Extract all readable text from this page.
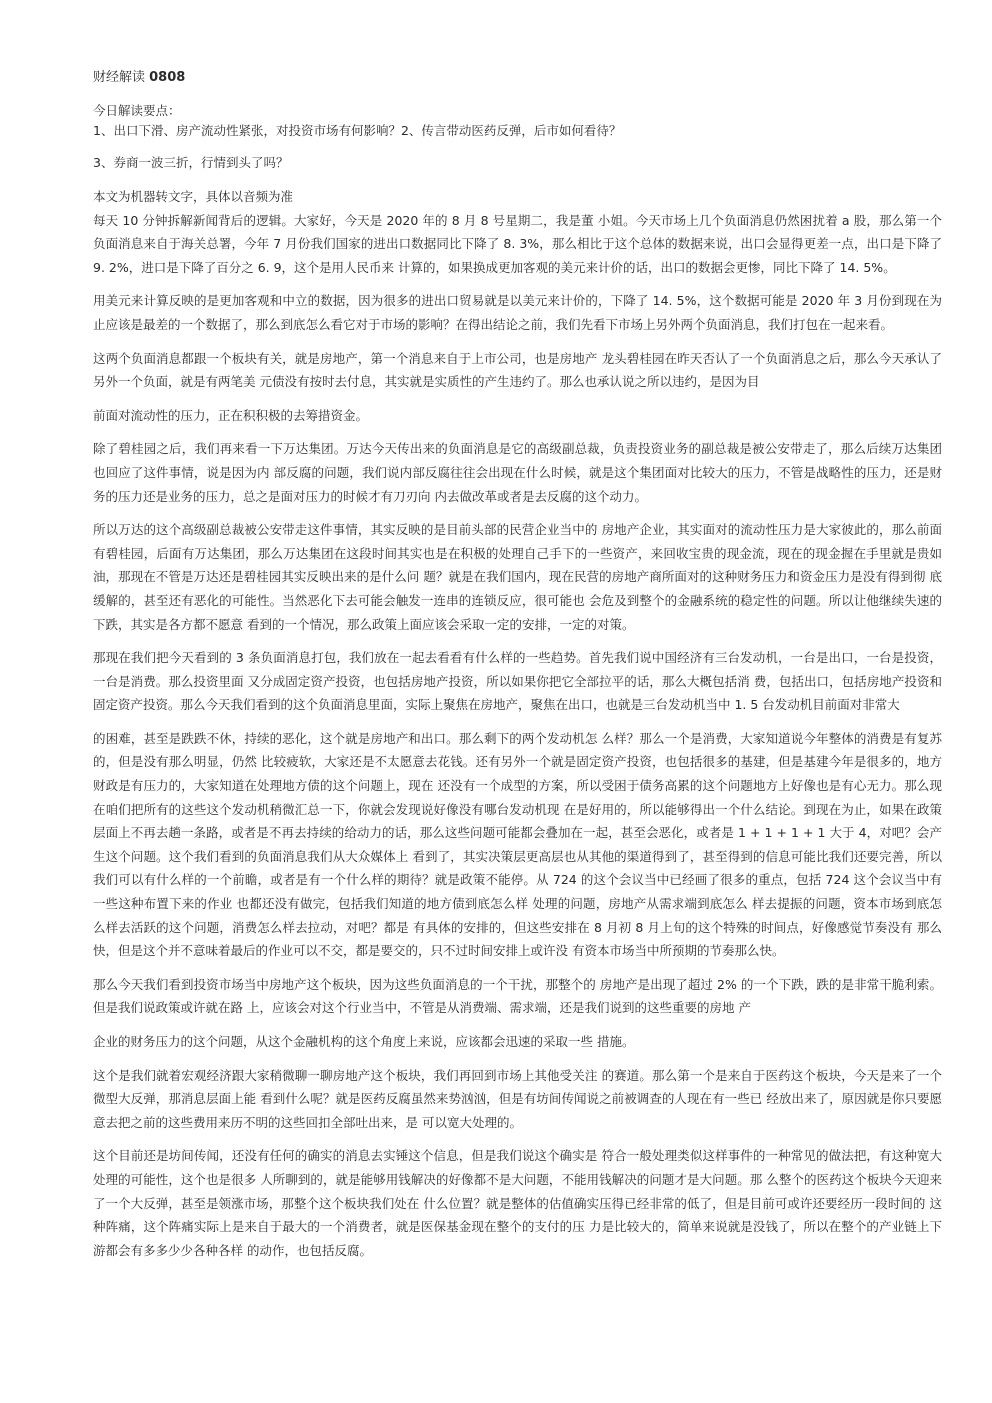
财经解读 0808
今日解读要点：
1、出口下滑、房产流动性紧张，对投资市场有何影响？2、传言带动医药反弹，后市如何看待？
3、券商一波三折，行情到头了吗？
本文为机器转文字，具体以音频为准
每天 10 分钟拆解新闻背后的逻辑。大家好，今天是 2020 年的 8 月 8 号星期二，我是董 小姐。今天市场上几个负面消息仍然困扰着 a 股，那么第一个负面消息来自于海关总署，今年 7 月份我们国家的进出口数据同比下降了 8. 3%，那么相比于这个总体的数据来说，出口会显得更差一点，出口是下降了 9. 2%，进口是下降了百分之 6. 9，这个是用人民币来 计算的，如果换成更加客观的美元来计价的话，出口的数据会更惨，同比下降了 14. 5%。
用美元来计算反映的是更加客观和中立的数据，因为很多的进出口贸易就是以美元来计价的，下降了 14. 5%，这个数据可能是 2020 年 3 月份到现在为止应该是最差的一个数据了，那么到底怎么看它对于市场的影响？在得出结论之前，我们先看下市场上另外两个负面消息，我们打包在一起来看。
这两个负面消息都跟一个板块有关，就是房地产，第一个消息来自于上市公司，也是房地产 龙头碧桂园在昨天否认了一个负面消息之后，那么今天承认了另外一个负面，就是有两笔美 元债没有按时去付息，其实就是实质性的产生违约了。那么也承认说之所以违约，是因为目
前面对流动性的压力，正在积积极的去筹措资金。
除了碧桂园之后，我们再来看一下万达集团。万达今天传出来的负面消息是它的高级副总裁，负责投资业务的副总裁是被公安带走了，那么后续万达集团也回应了这件事情，说是因为内 部反腐的问题，我们说内部反腐往往会出现在什么时候，就是这个集团面对比较大的压力，不管是战略性的压力，还是财务的压力还是业务的压力，总之是面对压力的时候才有刀刃向 内去做改革或者是去反腐的这个动力。
所以万达的这个高级副总裁被公安带走这件事情，其实反映的是目前头部的民营企业当中的 房地产企业，其实面对的流动性压力是大家彼此的，那么前面有碧桂园，后面有万达集团，那么万达集团在这段时间其实也是在积极的处理自己手下的一些资产，来回收宝贵的现金流，现在的现金握在手里就是贵如油，那现在不管是万达还是碧桂园其实反映出来的是什么问 题？就是在我们国内，现在民营的房地产商所面对的这种财务压力和资金压力是没有得到彻 底缓解的，甚至还有恶化的可能性。当然恶化下去可能会触发一连串的连锁反应，很可能也 会危及到整个的金融系统的稳定性的问题。所以让他继续失速的下跌，其实是各方都不愿意 看到的一个情况，那么政策上面应该会采取一定的安排，一定的对策。
那现在我们把今天看到的 3 条负面消息打包，我们放在一起去看看有什么样的一些趋势。首先我们说中国经济有三台发动机，一台是出口，一台是投资，一台是消费。那么投资里面 又分成固定资产投资，也包括房地产投资，所以如果你把它全部拉平的话，那么大概包括消 费，包括出口，包括房地产投资和固定资产投资。那么今天我们看到的这个负面消息里面，实际上聚焦在房地产，聚焦在出口，也就是三台发动机当中 1. 5 台发动机目前面对非常大
的困难，甚至是跌跌不休，持续的恶化，这个就是房地产和出口。那么剩下的两个发动机怎 么样？那么一个是消费，大家知道说今年整体的消费是有复苏的，但是没有那么明显，仍然 比较疲软，大家还是不太愿意去花钱。还有另外一个就是固定资产投资，也包括很多的基建，但是基建今年是很多的，地方财政是有压力的，大家知道在处理地方债的这个问题上，现在 还没有一个成型的方案，所以受困于债务高累的这个问题地方上好像也是有心无力。那么现在咱们把所有的这些这个发动机稍微汇总一下，你就会发现说好像没有哪台发动机现 在是好用的，所以能够得出一个什么结论。到现在为止，如果在政策层面上不再去趟一条路，或者是不再去持续的给动力的话，那么这些问题可能都会叠加在一起，甚至会恶化，或者是 1 + 1 + 1 + 1 大于 4，对吧？会产生这个问题。这个我们看到的负面消息我们从大众媒体上 看到了，其实决策层更高层也从其他的渠道得到了，甚至得到的信息可能比我们还要完善，所以我们可以有什么样的一个前瞻，或者是有一个什么样的期待？就是政策不能停。从 724 的这个会议当中已经画了很多的重点，包括 724 这个会议当中有一些这种布置下来的作业 也都还没有做完，包括我们知道的地方债到底怎么样 处理的问题，房地产从需求端到底怎么 样去提振的问题，资本市场到底怎么样去活跃的这个问题，消费怎么样去拉动，对吧？都是 有具体的安排的，但这些安排在 8 月初 8 月上旬的这个特殊的时间点，好像感觉节奏没有 那么快，但是这个并不意味着最后的作业可以不交，都是要交的，只不过时间安排上或许没 有资本市场当中所预期的节奏那么快。
那么今天我们看到投资市场当中房地产这个板块，因为这些负面消息的一个干扰，那整个的 房地产是出现了超过 2% 的一个下跌，跌的是非常干脆利索。但是我们说政策或许就在路 上，应该会对这个行业当中，不管是从消费端、需求端，还是我们说到的这些重要的房地 产
企业的财务压力的这个问题，从这个金融机构的这个角度上来说，应该都会迅速的采取一些 措施。
这个是我们就着宏观经济跟大家稍微聊一聊房地产这个板块，我们再回到市场上其他受关注 的赛道。那么第一个是来自于医药这个板块，今天是来了一个微型大反弹，那消息层面上能 看到什么呢？就是医药反腐虽然来势汹汹，但是有坊间传闻说之前被调查的人现在有一些已 经放出来了，原因就是你只要愿意去把之前的这些费用来历不明的这些回扣全部吐出来，是 可以宽大处理的。
这个目前还是坊间传闻，还没有任何的确实的消息去实锤这个信息，但是我们说这个确实是 符合一般处理类似这样事件的一种常见的做法把，有这种宽大处理的可能性，这个也是很多 人所聊到的，就是能够用钱解决的好像都不是大问题，不能用钱解决的问题才是大问题。那 么整个的医药这个板块今天迎来了一个大反弹，甚至是领涨市场，那整个这个板块我们处在 什么位置？就是整体的估值确实压得已经非常的低了，但是目前可或许还要经历一段时间的 这种阵痛，这个阵痛实际上是来自于最大的一个消费者，就是医保基金现在整个的支付的压 力是比较大的，简单来说就是没钱了，所以在整个的产业链上下游都会有多多少少各种各样 的动作，也包括反腐。
